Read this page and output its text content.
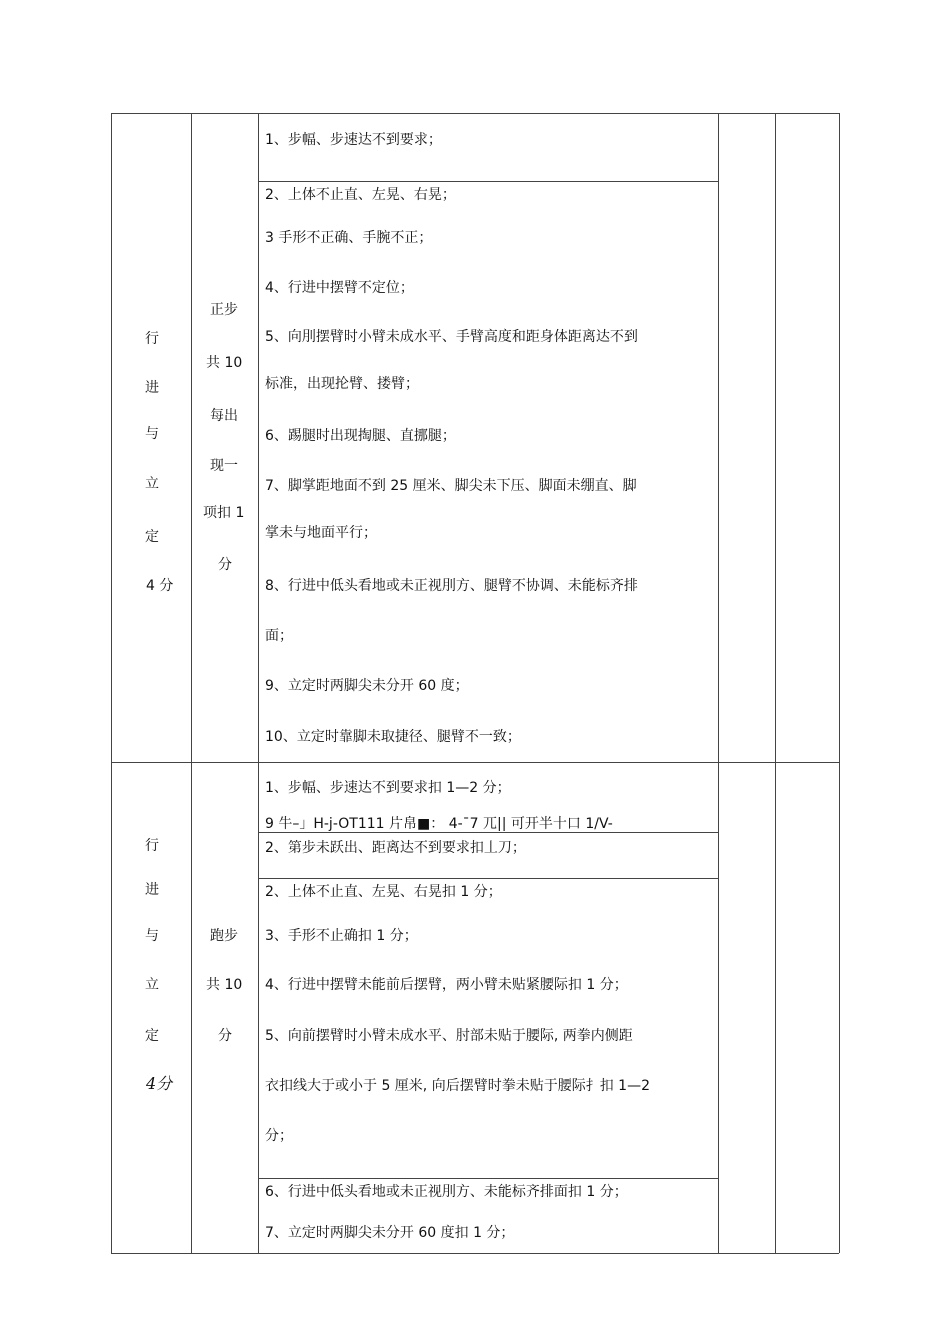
行
进
与
立
定
4 分
正步
共 10
每出
现一
项扣 1
分
1、步幅、步速达不到要求；
2、上体不止直、左晃、右晃；
3 手形不正确、手腕不正；
4、行进中摆臂不定位；
5、向刖摆臂时小臂未成水平、手臂高度和距身体距离达不到
标准，出现抡臂、搂臂；
6、踢腿时出现掏腿、直挪腿；
7、脚掌距地面不到 25 厘米、脚尖未下压、脚面未绷直、脚
掌未与地面平行；
8、行进中低头看地或未正视刖方、腿臂不协调、未能标齐排
面；
9、立定时两脚尖未分开 60 度；
10、立定时靠脚未取捷径、腿臂不一致；
行
进
与
立
定
4分
跑步
共 10
分
1、步幅、步速达不到要求扣 1—2 分；
9 牛–」H-j-OT111 片帛■： 4-ˉ7 兀|| 可开半十口 1/V-
2、第步未跃出、距离达不到要求扣丄刀；
2、上体不止直、左晃、右晃扣 1 分；
3、手形不止确扣 1 分；
4、行进中摆臂未能前后摆臂，两小臂未贴紧腰际扣 1 分；
5、向前摆臂时小臂未成水平、肘部未贴于腰际, 两拳内侧距
衣扣线大于或小于 5 厘米, 向后摆臂时拳未贴于腰际扌扣 1—2
分；
6、行进中低头看地或未正视刖方、未能标齐排面扣 1 分；
7、立定时两脚尖未分开 60 度扣 1 分；
